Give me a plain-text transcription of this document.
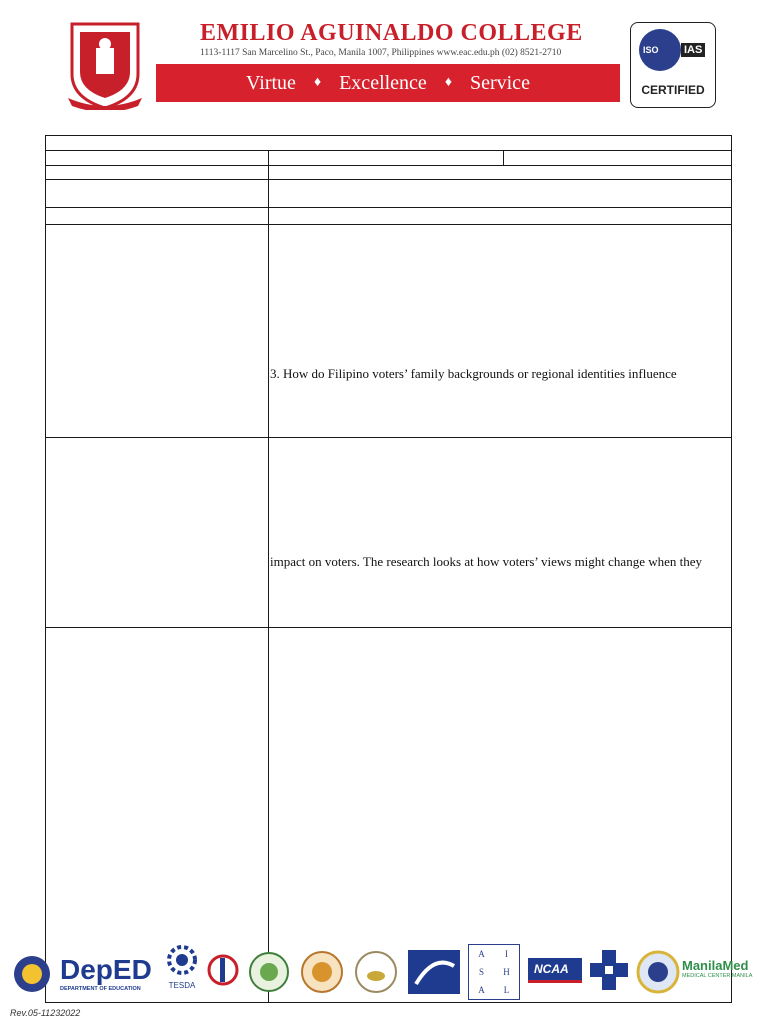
EMILIO AGUINALDO COLLEGE
1113-1117 San Marcelino St., Paco, Manila 1007, Philippines www.eac.edu.ph (02) 8521-2710
Virtue ♦ Excellence ♦ Service
ISO IAS
CERTIFIED
3. How do Filipino voters’ family backgrounds or regional identities influence
impact on voters. The research looks at how voters’ views might change when they
DepED
DEPARTMENT OF EDUCATION	TESDA
A	I
S	H
A	L
NCAA	ManilaMed
MEDICAL CENTER MANILA
Rev.05-11232022
